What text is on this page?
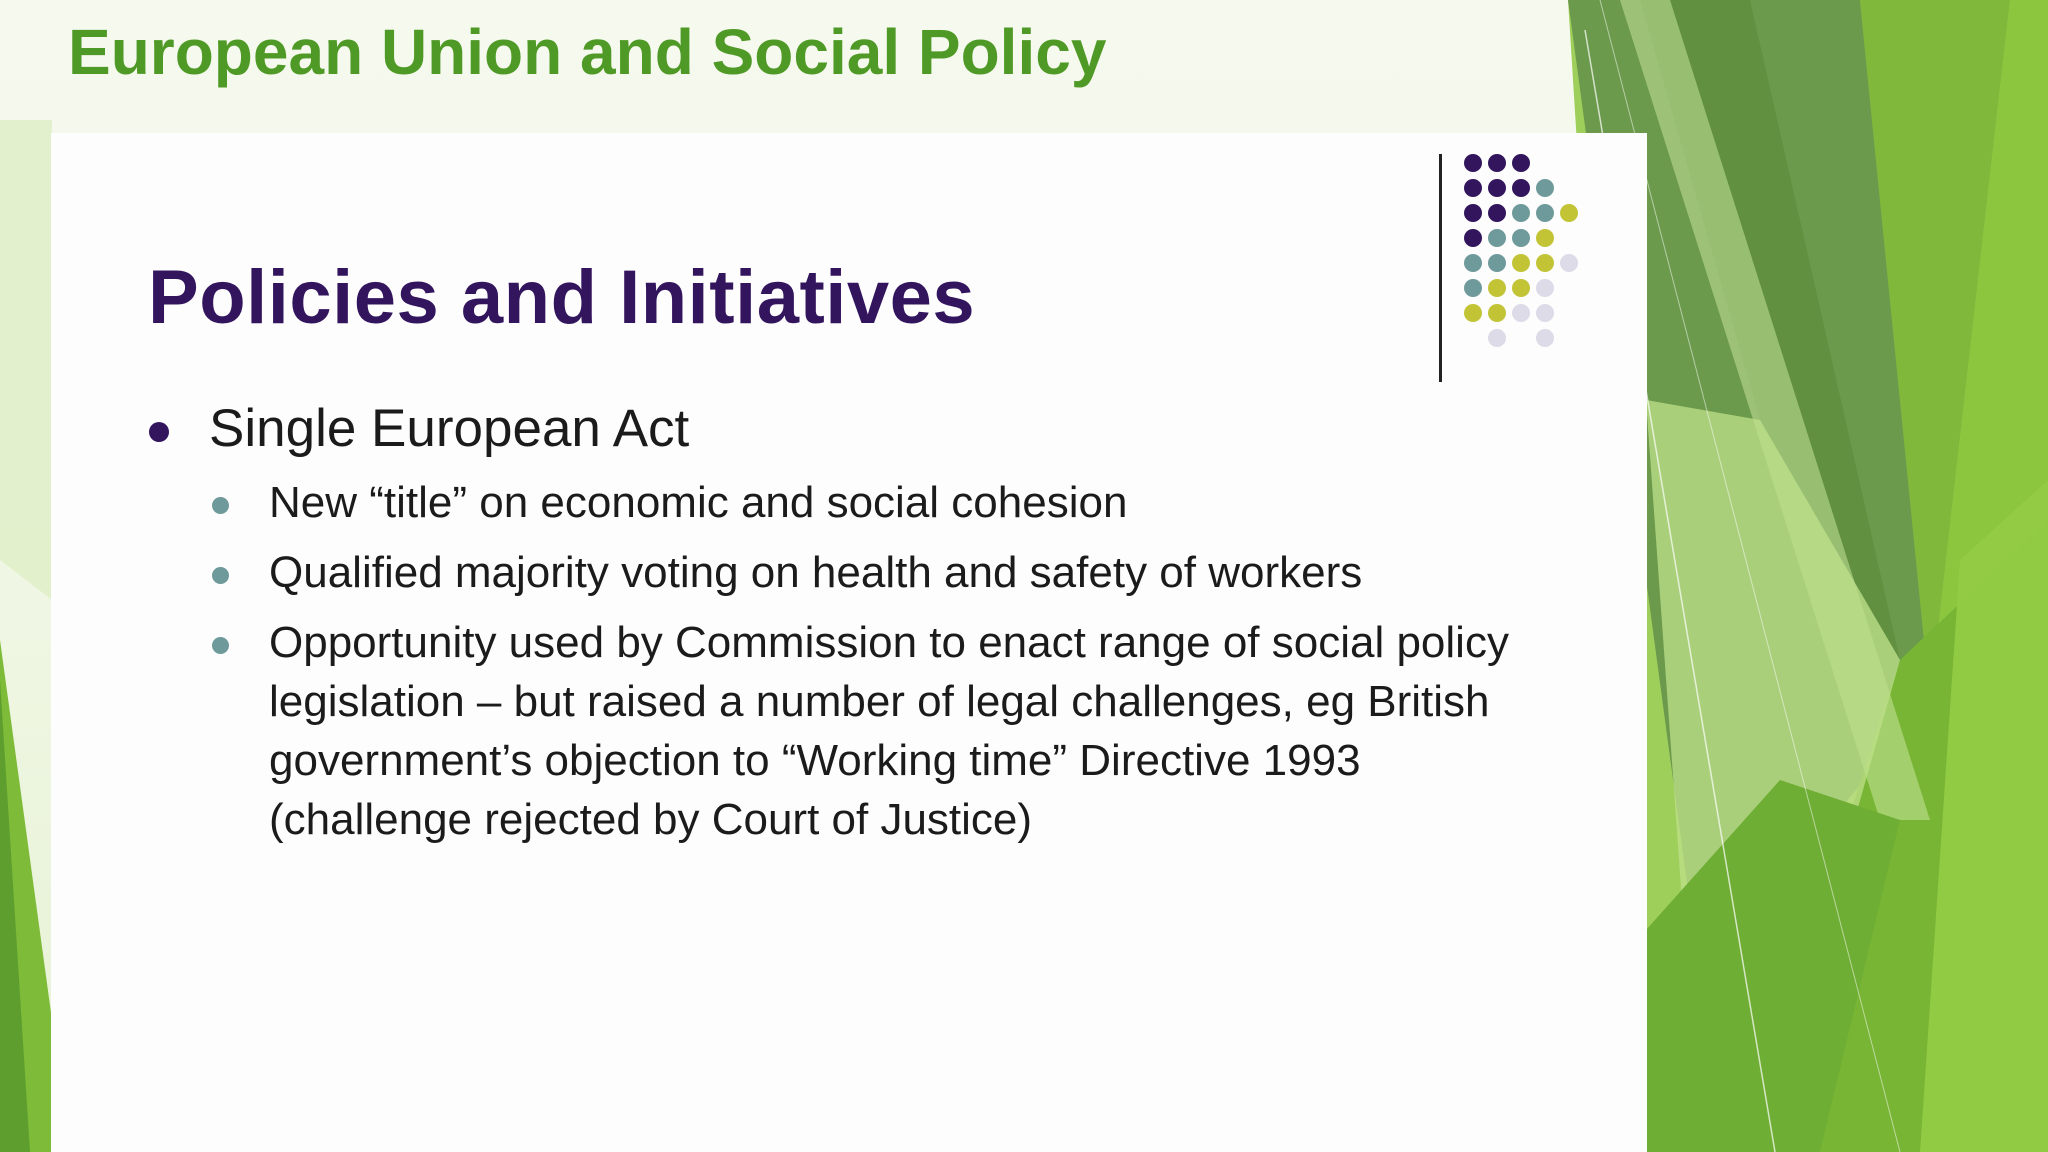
European Union and Social Policy
Policies and Initiatives
Single European Act
New “title” on economic and social cohesion
Qualified majority voting on health and safety of workers
Opportunity used by Commission to enact range of social policy legislation – but raised a number of legal challenges, eg British government’s objection to “Working time” Directive 1993 (challenge rejected by Court of Justice)
